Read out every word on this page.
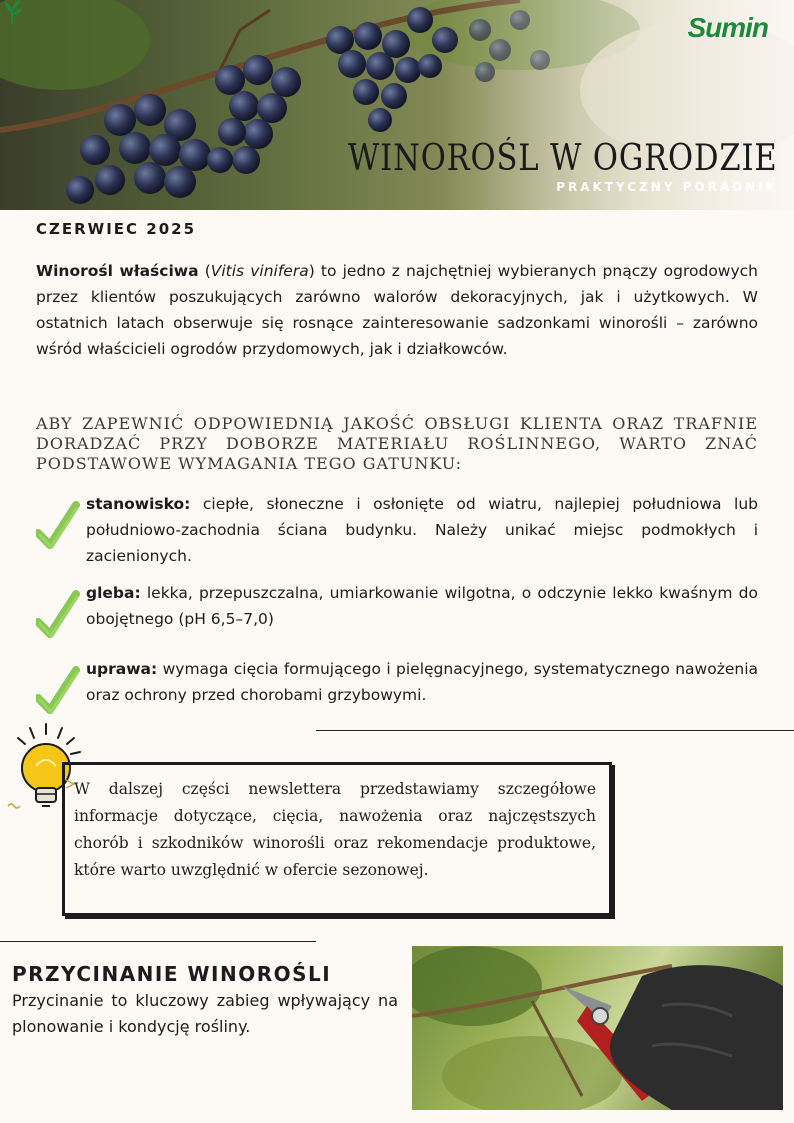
Sumin
WINOROŚL W OGRODZIE
PRAKTYCZNY PORADNIK
CZERWIEC 2025
Winorośl właściwa (Vitis vinifera) to jedno z najchętniej wybieranych pnączy ogrodowych przez klientów poszukujących zarówno walorów dekoracyjnych, jak i użytkowych. W ostatnich latach obserwuje się rosnące zainteresowanie sadzonkami winorośli – zarówno wśród właścicieli ogrodów przydomowych, jak i działkowców.
ABY ZAPEWNIĆ ODPOWIEDNIĄ JAKOŚĆ OBSŁUGI KLIENTA ORAZ TRAFNIE DORADZAĆ PRZY DOBORZE MATERIAŁU ROŚLINNEGO, WARTO ZNAĆ PODSTAWOWE WYMAGANIA TEGO GATUNKU:
stanowisko: ciepłe, słoneczne i osłonięte od wiatru, najlepiej południowa lub południowo-zachodnia ściana budynku. Należy unikać miejsc podmokłych i zacienionych.
gleba: lekka, przepuszczalna, umiarkowanie wilgotna, o odczynie lekko kwaśnym do obojętnego (pH 6,5–7,0)
uprawa: wymaga cięcia formującego i pielęgnacyjnego, systematycznego nawożenia oraz ochrony przed chorobami grzybowymi.
W dalszej części newslettera przedstawiamy szczegółowe informacje dotyczące, cięcia, nawożenia oraz najczęstszych chorób i szkodników winorośli oraz rekomendacje produktowe, które warto uwzględnić w ofercie sezonowej.
PRZYCINANIE WINOROŚLI
Przycinanie to kluczowy zabieg wpływający na plonowanie i kondycję rośliny.
